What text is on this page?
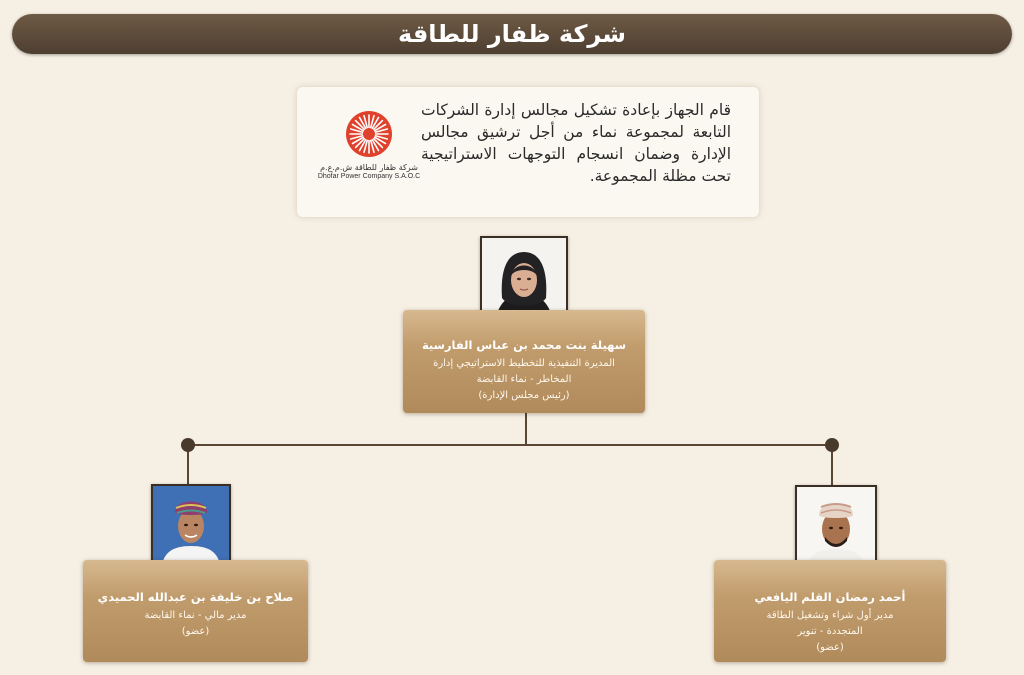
شركة ظفار للطاقة
شركة ظفار للطاقة ش.م.ع.م
Dhofar Power Company S.A.O.C
قام الجهاز بإعادة تشكيل مجالس إدارة الشركات التابعة لمجموعة نماء من أجل ترشيق مجالس الإدارة وضمان انسجام التوجهات الاستراتيجية تحت مظلة المجموعة.
سهيلة بنت محمد بن عباس الفارسية
المديرة التنفيذية للتخطيط الاستراتيجي إدارة
المخاطر - نماء القابضة
(رئيس مجلس الإدارة)
صلاح بن خليفة بن عبدالله الحميدي
مدير مالي - نماء القابضة
(عضو)
أحمد رمضان القلم اليافعي
مدير أول شراء وتشغيل الطاقة
المتجددة - تنوير
(عضو)
